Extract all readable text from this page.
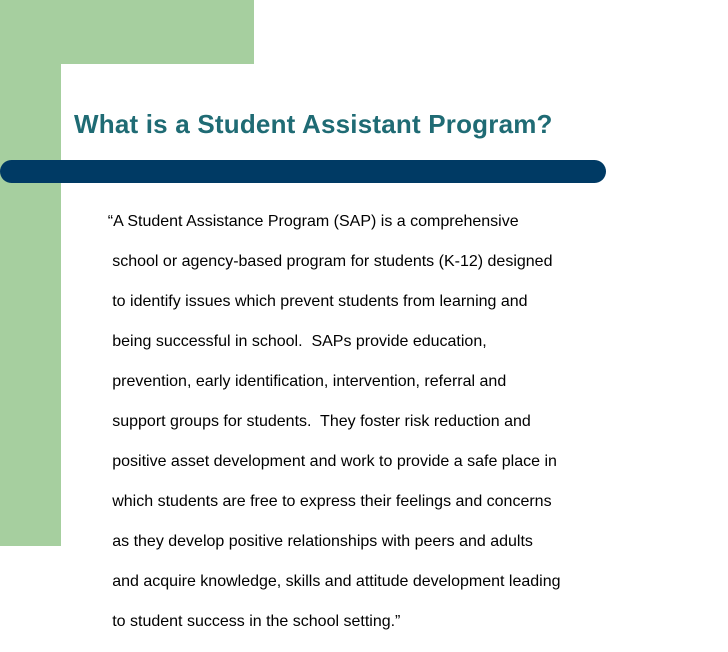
What is a Student Assistant Program?

“A Student Assistance Program (SAP) is a comprehensive

school or agency-based program for students (K-12) designed

to identify issues which prevent students from learning and

being successful in school.  SAPs provide education,

prevention, early identification, intervention, referral and

support groups for students.  They foster risk reduction and

positive asset development and work to provide a safe place in

which students are free to express their feelings and concerns

as they develop positive relationships with peers and adults

and acquire knowledge, skills and attitude development leading

to student success in the school setting.”
